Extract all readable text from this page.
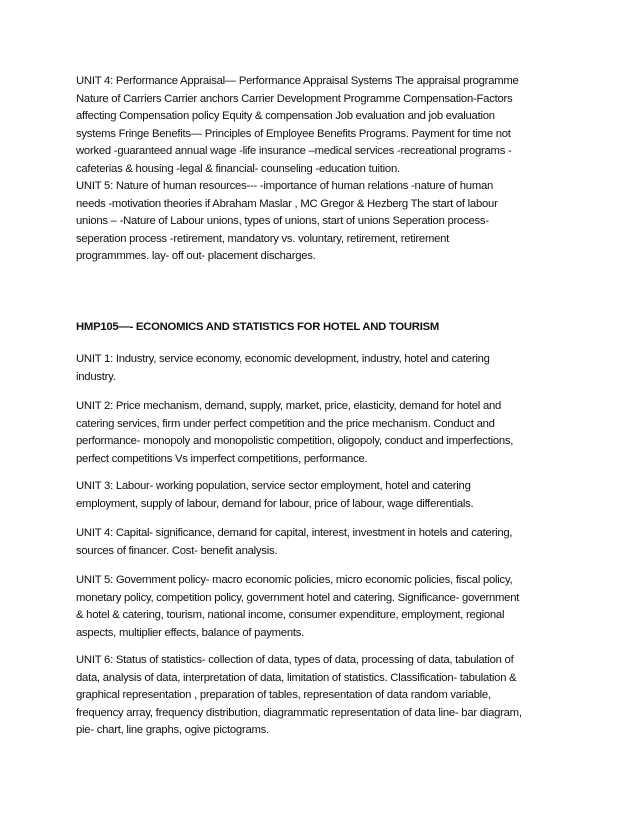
UNIT 4: Performance Appraisal— Performance Appraisal Systems The appraisal programme
Nature of Carriers Carrier anchors Carrier Development Programme Compensation-Factors
affecting Compensation policy Equity & compensation Job evaluation and job evaluation
systems Fringe Benefits— Principles of Employee Benefits Programs. Payment for time not
worked -guaranteed annual wage -life insurance –medical services -recreational programs -
cafeterias & housing -legal & financial- counseling -education tuition.
UNIT 5: Nature of human resources--- -importance of human relations -nature of human
needs -motivation theories if Abraham Maslar , MC Gregor & Hezberg The start of labour
unions – -Nature of Labour unions, types of unions, start of unions Seperation process-
seperation process -retirement, mandatory vs. voluntary, retirement, retirement
programmmes. lay- off out- placement discharges.
HMP105—- ECONOMICS AND STATISTICS FOR HOTEL AND TOURISM
UNIT 1: Industry, service economy, economic development, industry, hotel and catering
industry.
UNIT 2: Price mechanism, demand, supply, market, price, elasticity, demand for hotel and
catering services, firm under perfect competition and the price mechanism. Conduct and
performance- monopoly and monopolistic competition, oligopoly, conduct and imperfections,
perfect competitions Vs imperfect competitions, performance.
UNIT 3: Labour- working population, service sector employment, hotel and catering
employment, supply of labour, demand for labour, price of labour, wage differentials.
UNIT 4: Capital- significance, demand for capital, interest, investment in hotels and catering,
sources of financer. Cost- benefit analysis.
UNIT 5: Government policy- macro economic policies, micro economic policies, fiscal policy,
monetary policy, competition policy, government hotel and catering. Significance- government
& hotel & catering, tourism, national income, consumer expenditure, employment, regional
aspects, multiplier effects, balance of payments.
UNIT 6: Status of statistics- collection of data, types of data, processing of data, tabulation of
data, analysis of data, interpretation of data, limitation of statistics. Classification- tabulation &
graphical representation , preparation of tables, representation of data random variable,
frequency array, frequency distribution, diagrammatic representation of data line- bar diagram,
pie- chart, line graphs, ogive pictograms.
